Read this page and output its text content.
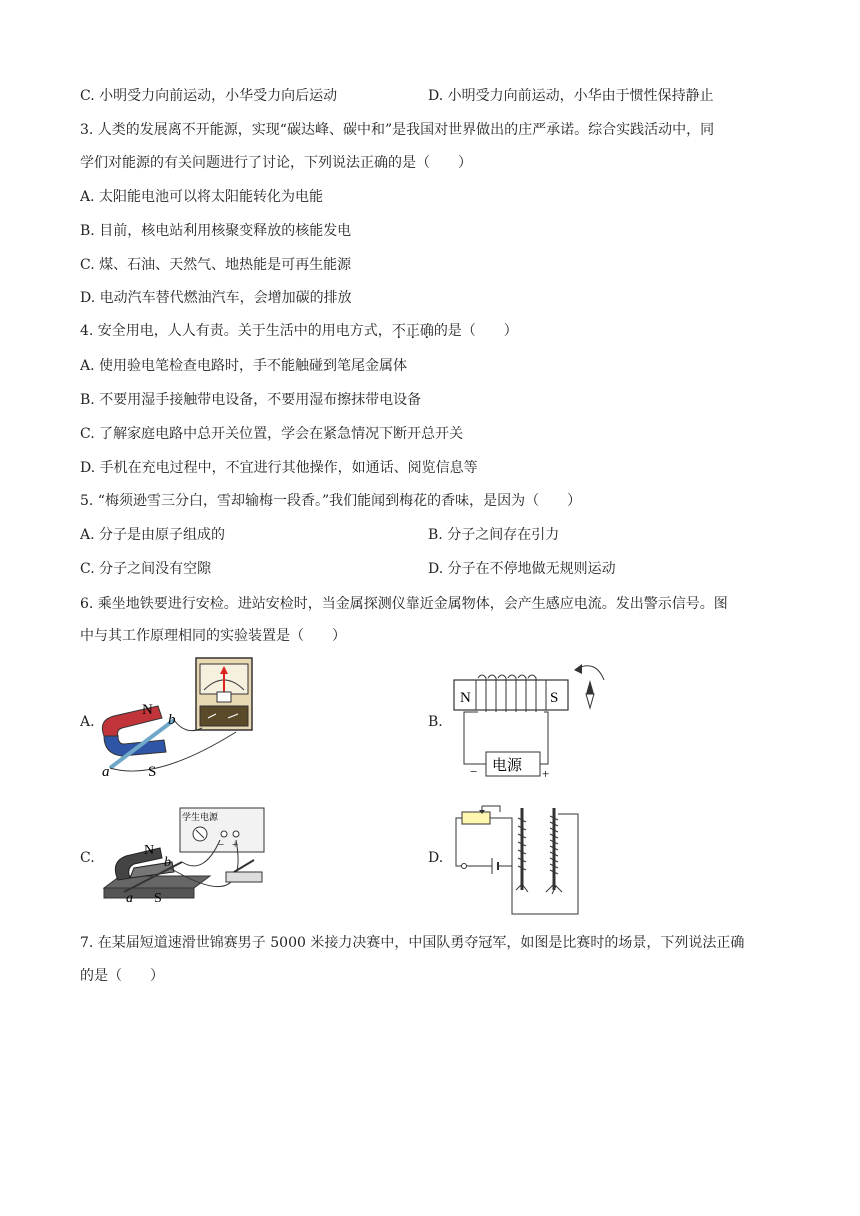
C. 小明受力向前运动，小华受力向后运动	D. 小明受力向前运动，小华由于惯性保持静止
3. 人类的发展离不开能源，实现“碳达峰、碳中和”是我国对世界做出的庄严承诺。综合实践活动中，同
学们对能源的有关问题进行了讨论，下列说法正确的是（　　）
A. 太阳能电池可以将太阳能转化为电能
B. 目前，核电站利用核聚变释放的核能发电
C. 煤、石油、天然气、地热能是可再生能源
D. 电动汽车替代燃油汽车，会增加碳的排放
4. 安全用电，人人有责。关于生活中的用电方式，不正确的是（　　）
A. 使用验电笔检查电路时，手不能触碰到笔尾金属体
B. 不要用湿手接触带电设备，不要用湿布擦抹带电设备
C. 了解家庭电路中总开关位置，学会在紧急情况下断开总开关
D. 手机在充电过程中，不宜进行其他操作，如通话、阅览信息等
5. “梅须逊雪三分白，雪却输梅一段香。”我们能闻到梅花的香味，是因为（　　）
A. 分子是由原子组成的	B. 分子之间存在引力
C. 分子之间没有空隙	D. 分子在不停地做无规则运动
6. 乘坐地铁要进行安检。进站安检时，当金属探测仪靠近金属物体，会产生感应电流。发出警示信号。图
中与其工作原理相同的实验装置是（　　）
A.	B.
C.	D.
N
S
a
b
N	S
电源
−	+
学生电源
− +
N
S
a
b
7. 在某届短道速滑世锦赛男子 5000 米接力决赛中，中国队勇夺冠军，如图是比赛时的场景，下列说法正确
的是（　　）
